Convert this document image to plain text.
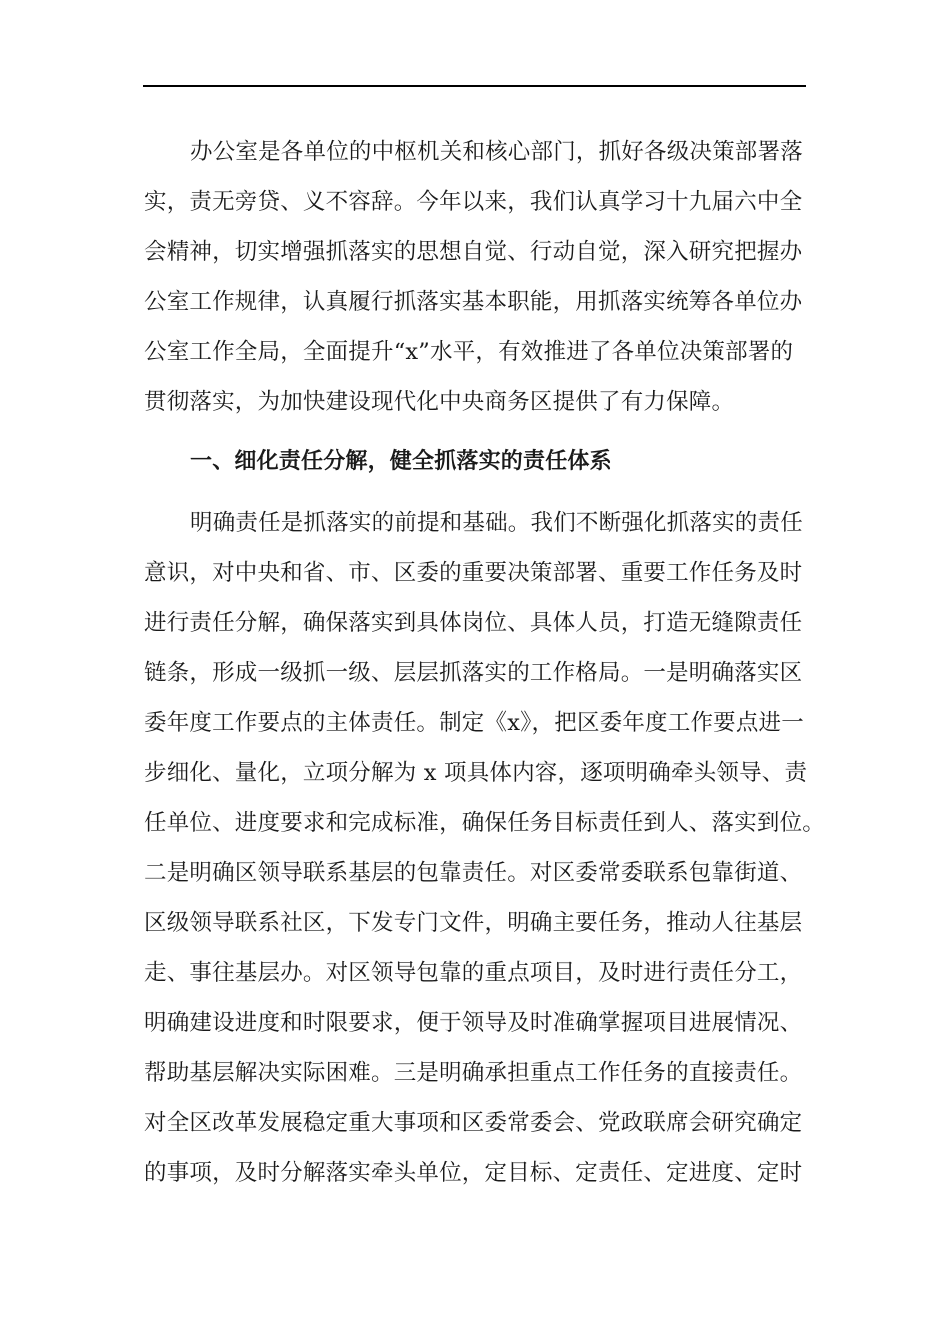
办公室是各单位的中枢机关和核心部门，抓好各级决策部署落
实，责无旁贷、义不容辞。今年以来，我们认真学习十九届六中全
会精神，切实增强抓落实的思想自觉、行动自觉，深入研究把握办
公室工作规律，认真履行抓落实基本职能，用抓落实统筹各单位办
公室工作全局，全面提升“x”水平，有效推进了各单位决策部署的
贯彻落实，为加快建设现代化中央商务区提供了有力保障。
一、细化责任分解，健全抓落实的责任体系
明确责任是抓落实的前提和基础。我们不断强化抓落实的责任
意识，对中央和省、市、区委的重要决策部署、重要工作任务及时
进行责任分解，确保落实到具体岗位、具体人员，打造无缝隙责任
链条，形成一级抓一级、层层抓落实的工作格局。一是明确落实区
委年度工作要点的主体责任。制定《x》，把区委年度工作要点进一
步细化、量化，立项分解为 x 项具体内容，逐项明确牵头领导、责
任单位、进度要求和完成标准，确保任务目标责任到人、落实到位。
二是明确区领导联系基层的包靠责任。对区委常委联系包靠街道、
区级领导联系社区，下发专门文件，明确主要任务，推动人往基层
走、事往基层办。对区领导包靠的重点项目，及时进行责任分工，
明确建设进度和时限要求，便于领导及时准确掌握项目进展情况、
帮助基层解决实际困难。三是明确承担重点工作任务的直接责任。
对全区改革发展稳定重大事项和区委常委会、党政联席会研究确定
的事项，及时分解落实牵头单位，定目标、定责任、定进度、定时
